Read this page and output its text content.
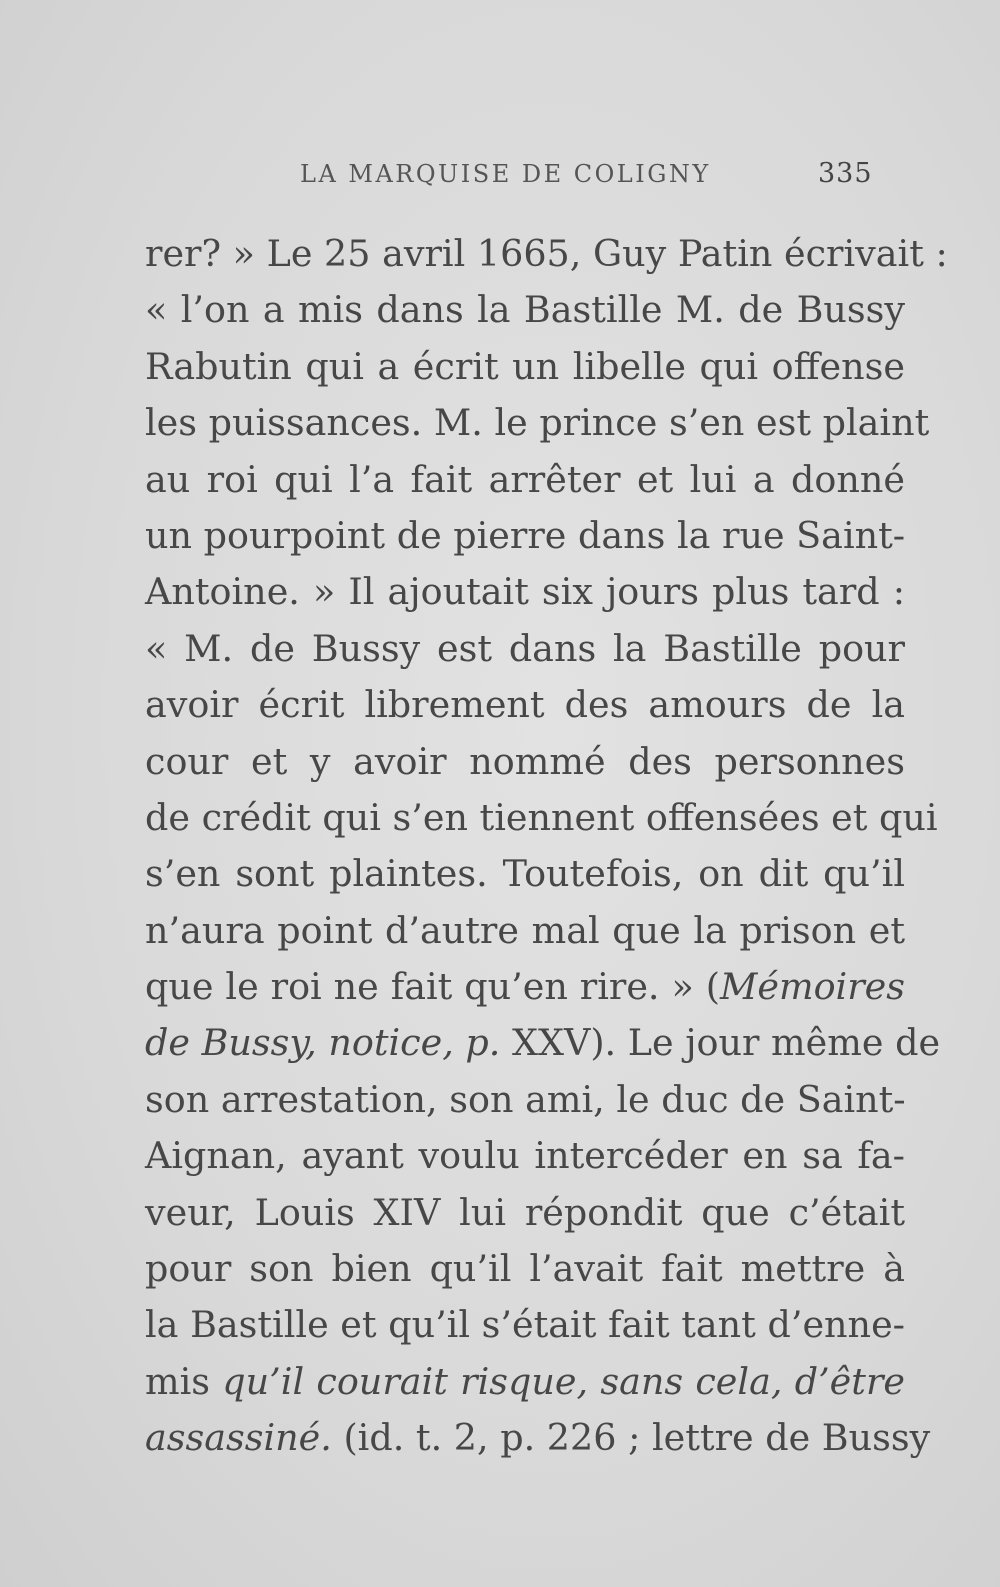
LA MARQUISE DE COLIGNY	335
rer? » Le 25 avril 1665, Guy Patin écrivait :
« l’on a mis dans la Bastille M. de Bussy
Rabutin qui a écrit un libelle qui offense
les puissances. M. le prince s’en est plaint
au roi qui l’a fait arrêter et lui a donné
un pourpoint de pierre dans la rue Saint-
Antoine. » Il ajoutait six jours plus tard :
« M. de Bussy est dans la Bastille pour
avoir écrit librement des amours de la
cour et y avoir nommé des personnes
de crédit qui s’en tiennent offensées et qui
s’en sont plaintes. Toutefois, on dit qu’il
n’aura point d’autre mal que la prison et
que le roi ne fait qu’en rire. » (Mémoires
de Bussy, notice, p. XXV). Le jour même de
son arrestation, son ami, le duc de Saint-
Aignan, ayant voulu intercéder en sa fa-
veur, Louis XIV lui répondit que c’était
pour son bien qu’il l’avait fait mettre à
la Bastille et qu’il s’était fait tant d’enne-
mis qu’il courait risque, sans cela, d’être
assassiné. (id. t. 2, p. 226 ; lettre de Bussy
